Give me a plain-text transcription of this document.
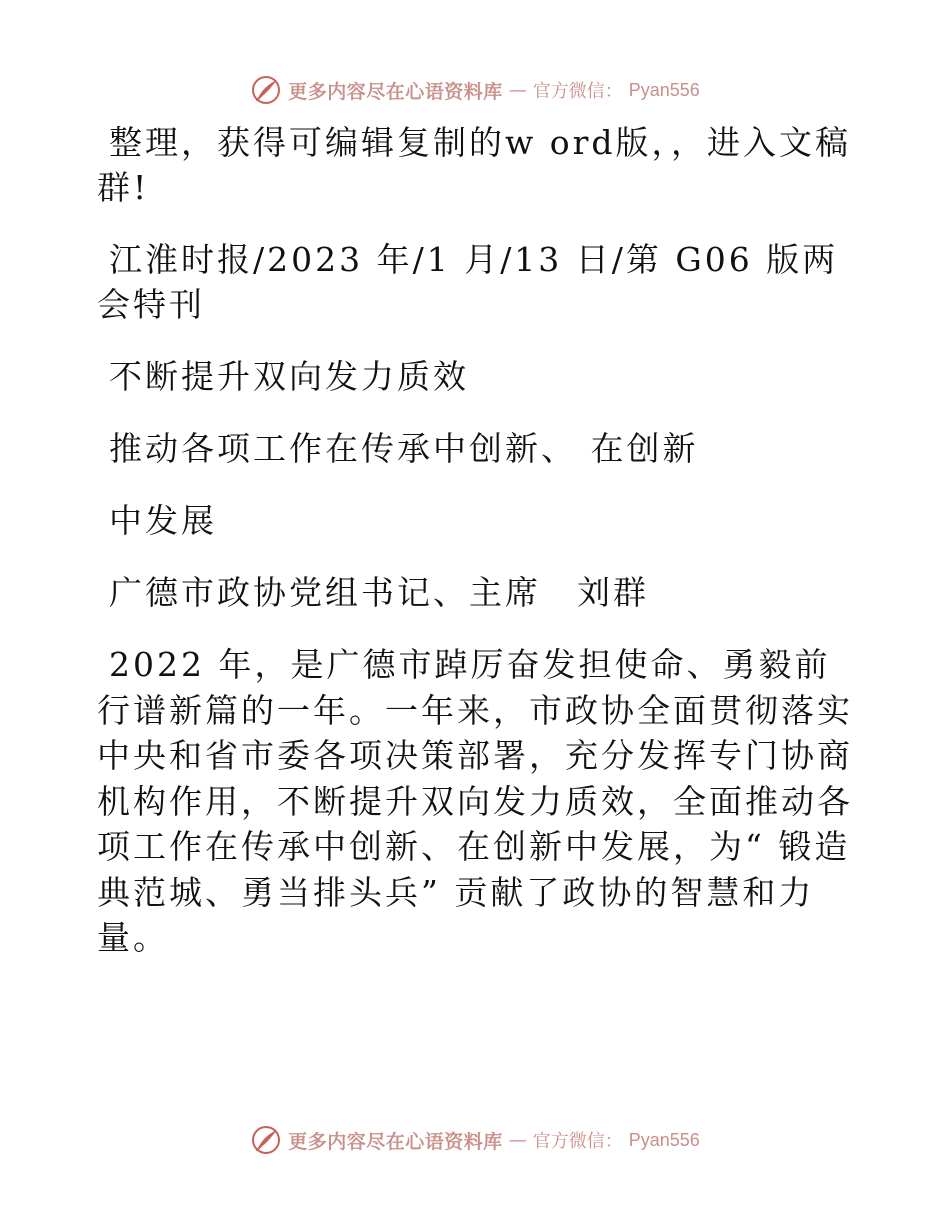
更多内容尽在心语资料库 — 官方微信： Pyan556

整理，获得可编辑复制的w ord版，，进入文稿群!

江淮时报/2023 年/1 月/13 日/第 G06 版两会特刊

不断提升双向发力质效

推动各项工作在传承中创新、 在创新

中发展

广德市政协党组书记、主席　刘群

2022 年，是广德市踔厉奋发担使命、勇毅前行谱新篇的一年。一年来，市政协全面贯彻落实中央和省市委各项决策部署，充分发挥专门协商机构作用，不断提升双向发力质效，全面推动各项工作在传承中创新、在创新中发展，为“ 锻造典范城、勇当排头兵” 贡献了政协的智慧和力量。

更多内容尽在心语资料库 — 官方微信： Pyan556
